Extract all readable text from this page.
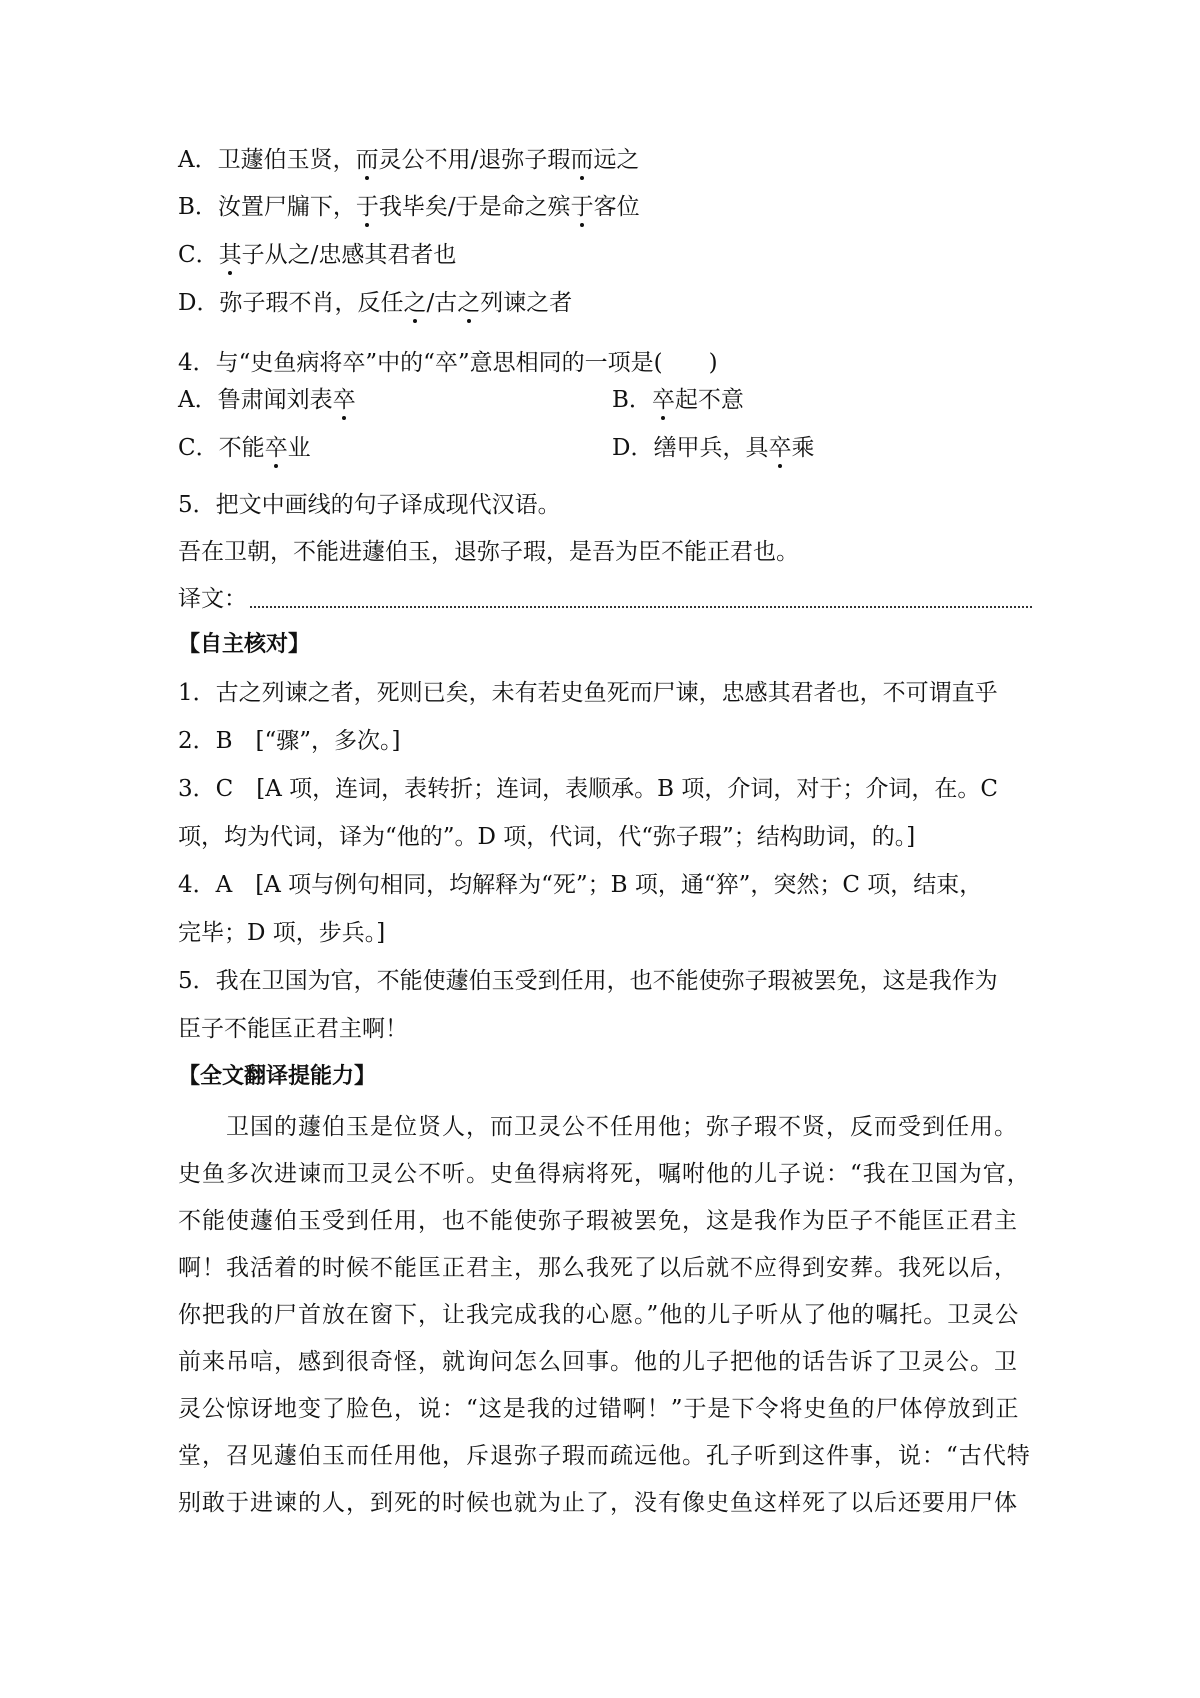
A．卫蘧伯玉贤，而灵公不用/退弥子瑕而远之
B．汝置尸牖下，于我毕矣/于是命之殡于客位
C．其子从之/忠感其君者也
D．弥子瑕不肖，反任之/古之列谏之者
4．与“史鱼病将卒”中的“卒”意思相同的一项是(　　)
A．鲁肃闻刘表卒	B．卒起不意
C．不能卒业	D．缮甲兵，具卒乘
5．把文中画线的句子译成现代汉语。
吾在卫朝，不能进蘧伯玉，退弥子瑕，是吾为臣不能正君也。
译文：
【自主核对】
1．古之列谏之者，死则已矣，未有若史鱼死而尸谏，忠感其君者也，不可谓直乎
2．B　[“骤”，多次。]
3．C　[A 项，连词，表转折；连词，表顺承。B 项，介词，对于；介词，在。C
项，均为代词，译为“他的”。D 项，代词，代“弥子瑕”；结构助词，的。]
4．A　[A 项与例句相同，均解释为“死”；B 项，通“猝”，突然；C 项，结束，
完毕；D 项，步兵。]
5．我在卫国为官，不能使蘧伯玉受到任用，也不能使弥子瑕被罢免，这是我作为
臣子不能匡正君主啊！
【全文翻译提能力】

卫国的蘧伯玉是位贤人，而卫灵公不任用他；弥子瑕不贤，反而受到任用。史鱼多次进谏而卫灵公不听。史鱼得病将死，嘱咐他的儿子说：“我在卫国为官，不能使蘧伯玉受到任用，也不能使弥子瑕被罢免，这是我作为臣子不能匡正君主啊！我活着的时候不能匡正君主，那么我死了以后就不应得到安葬。我死以后，你把我的尸首放在窗下，让我完成我的心愿。”他的儿子听从了他的嘱托。卫灵公前来吊唁，感到很奇怪，就询问怎么回事。他的儿子把他的话告诉了卫灵公。卫灵公惊讶地变了脸色，说：“这是我的过错啊！”于是下令将史鱼的尸体停放到正堂，召见蘧伯玉而任用他，斥退弥子瑕而疏远他。孔子听到这件事，说：“古代特别敢于进谏的人，到死的时候也就为止了，没有像史鱼这样死了以后还要用尸体
